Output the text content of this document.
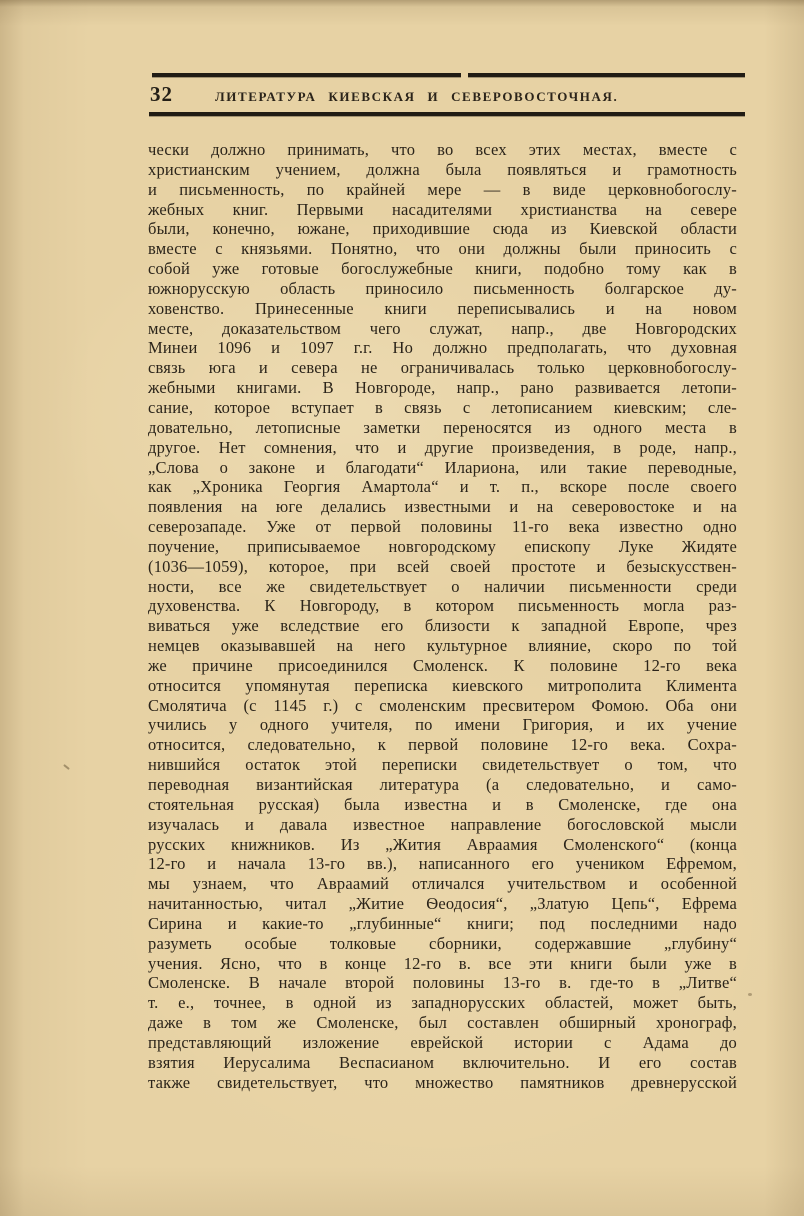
32	ЛИТЕРАТУРА КИЕВСКАЯ И СЕВЕРОВОСТОЧНАЯ.
чески должно принимать, что во всех этих местах, вместе с
христианским учением, должна была появляться и грамотность
и письменность, по крайней мере — в виде церковнобогослу-
жебных книг. Первыми насадителями христианства на севере
были, конечно, южане, приходившие сюда из Киевской области
вместе с князьями. Понятно, что они должны были приносить с
собой уже готовые богослужебные книги, подобно тому как в
южнорусскую область приносило письменность болгарское ду-
ховенство. Принесенные книги переписывались и на новом
месте, доказательством чего служат, напр., две Новгородских
Минеи 1096 и 1097 г.г. Но должно предполагать, что духовная
связь юга и севера не ограничивалась только церковнобогослу-
жебными книгами. В Новгороде, напр., рано развивается летопи-
сание, которое вступает в связь с летописанием киевским; сле-
довательно, летописные заметки переносятся из одного места в
другое. Нет сомнения, что и другие произведения, в роде, напр.,
„Слова о законе и благодати“ Илариона, или такие переводные,
как „Хроника Георгия Амартола“ и т. п., вскоре после своего
появления на юге делались известными и на северовостоке и на
северозападе. Уже от первой половины 11-го века известно одно
поучение, приписываемое новгородскому епископу Луке Жидяте
(1036—1059), которое, при всей своей простоте и безыскусствен-
ности, все же свидетельствует о наличии письменности среди
духовенства. К Новгороду, в котором письменность могла раз-
виваться уже вследствие его близости к западной Европе, чрез
немцев оказывавшей на него культурное влияние, скоро по той
же причине присоединился Смоленск. К половине 12-го века
относится упомянутая переписка киевского митрополита Климента
Смолятича (с 1145 г.) с смоленским пресвитером Фомою. Оба они
учились у одного учителя, по имени Григория, и их учение
относится, следовательно, к первой половине 12-го века. Сохра-
нившийся остаток этой переписки свидетельствует о том, что
переводная византийская литература (а следовательно, и само-
стоятельная русская) была известна и в Смоленске, где она
изучалась и давала известное направление богословской мысли
русских книжников. Из „Жития Авраамия Смоленского“ (конца
12-го и начала 13-го вв.), написанного его учеником Ефремом,
мы узнаем, что Авраамий отличался учительством и особенной
начитанностью, читал „Житие Ѳеодосия“, „Златую Цепь“, Ефрема
Сирина и какие-то „глубинные“ книги; под последними надо
разуметь особые толковые сборники, содержавшие „глубину“
учения. Ясно, что в конце 12-го в. все эти книги были уже в
Смоленске. В начале второй половины 13-го в. где-то в „Литве“
т. е., точнее, в одной из западнорусских областей, может быть,
даже в том же Смоленске, был составлен обширный хронограф,
представляющий изложение еврейской истории с Адама до
взятия Иерусалима Веспасианом включительно. И его состав
также свидетельствует, что множество памятников древнерусской
